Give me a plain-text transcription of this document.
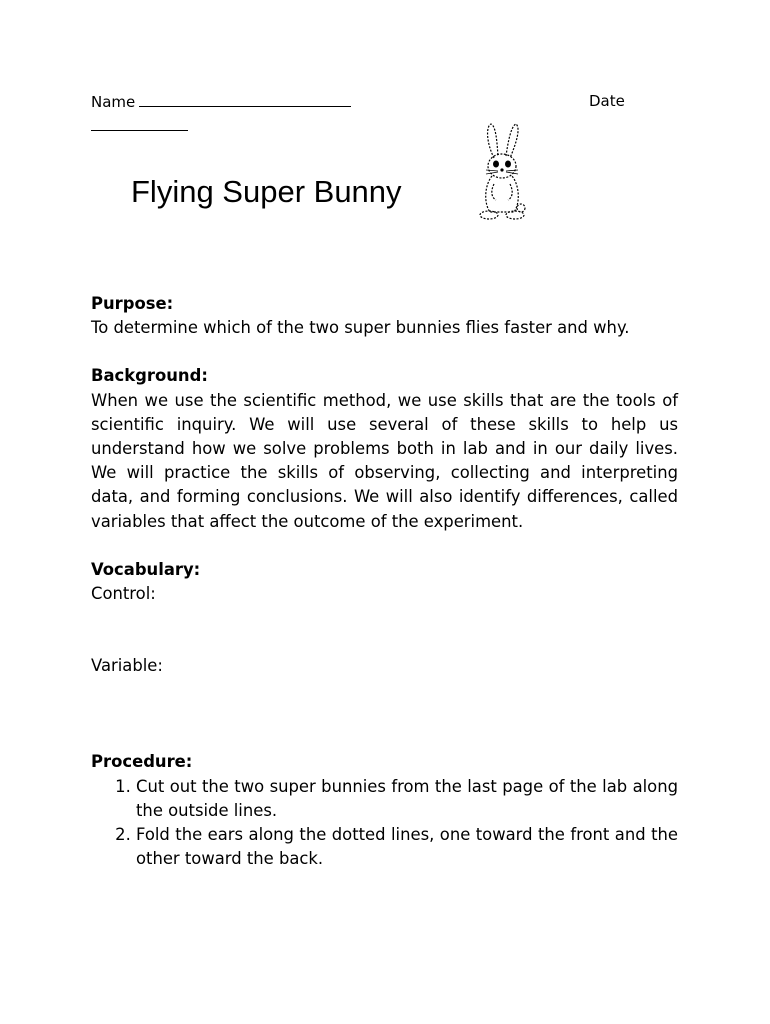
Name	Date
Flying Super Bunny

Purpose:

To determine which of the two super bunnies flies faster and why.

Background:

When we use the scientific method, we use skills that are the tools of scientific inquiry. We will use several of these skills to help us understand how we solve problems both in lab and in our daily lives. We will practice the skills of observing, collecting and interpreting data, and forming conclusions. We will also identify differences, called variables that affect the outcome of the experiment.

Vocabulary:

Control:

Variable:

Procedure:

1. Cut out the two super bunnies from the last page of the lab along the outside lines.
2. Fold the ears along the dotted lines, one toward the front and the other toward the back.
